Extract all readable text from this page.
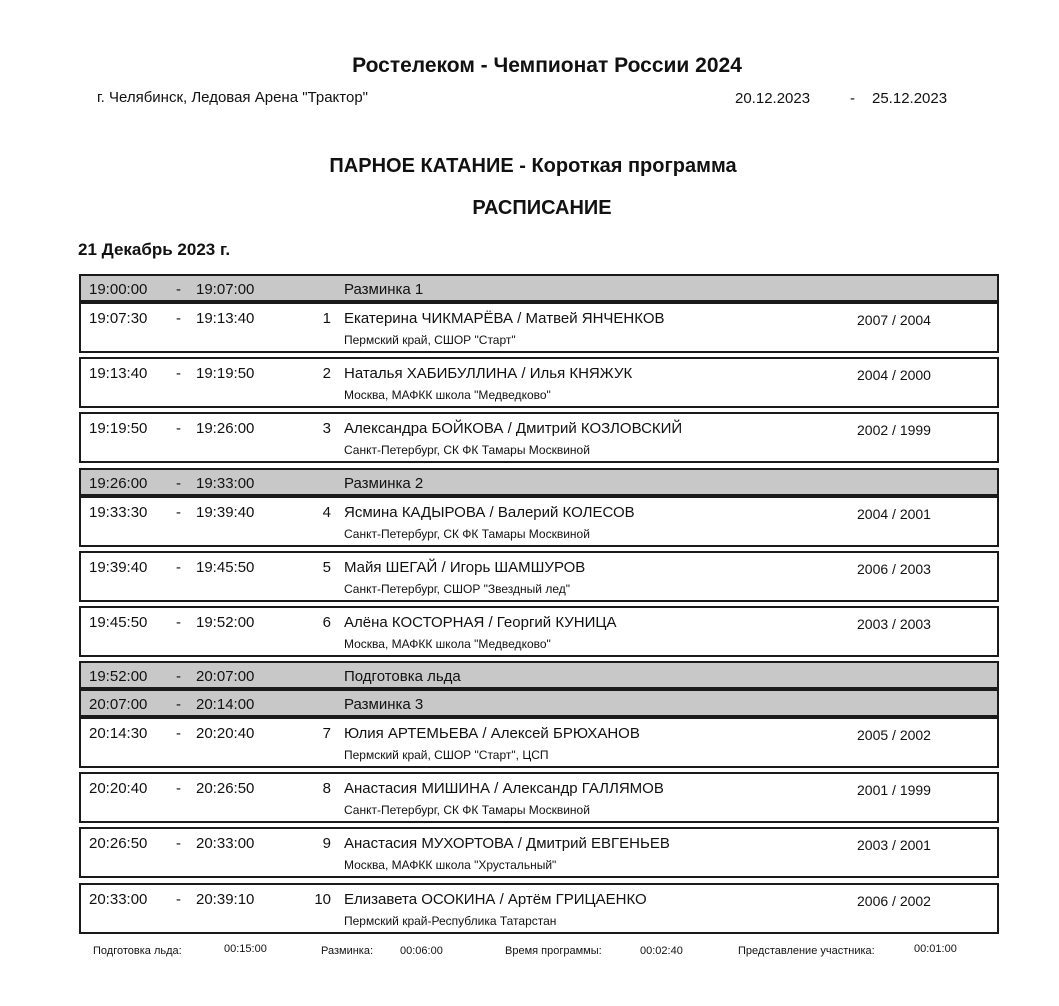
Ростелеком - Чемпионат России 2024
г. Челябинск, Ледовая Арена "Трактор"	20.12.2023	- 25.12.2023
ПАРНОЕ КАТАНИЕ - Короткая программа
РАСПИСАНИЕ
21 Декабрь 2023 г.
19:00:00 - 19:07:00	Разминка 1
19:07:30 - 19:13:40	1 Екатерина ЧИКМАРЁВА / Матвей ЯНЧЕНКОВ
Пермский край, СШОР "Старт"
2007 / 2004
19:13:40 - 19:19:50	2 Наталья ХАБИБУЛЛИНА / Илья КНЯЖУК
Москва, МАФКК школа "Медведково"
2004 / 2000
19:19:50 - 19:26:00	3 Александра БОЙКОВА / Дмитрий КОЗЛОВСКИЙ
Санкт-Петербург, СК ФК Тамары Москвиной
2002 / 1999
19:26:00 - 19:33:00	Разминка 2
19:33:30 - 19:39:40	4 Ясмина КАДЫРОВА / Валерий КОЛЕСОВ
Санкт-Петербург, СК ФК Тамары Москвиной
2004 / 2001
19:39:40 - 19:45:50	5 Майя ШЕГАЙ / Игорь ШАМШУРОВ
Санкт-Петербург, СШОР "Звездный лед"
2006 / 2003
19:45:50 - 19:52:00	6 Алёна КОСТОРНАЯ / Георгий КУНИЦА
Москва, МАФКК школа "Медведково"
2003 / 2003
19:52:00 - 20:07:00	Подготовка льда
20:07:00 - 20:14:00	Разминка 3
20:14:30 - 20:20:40	7 Юлия АРТЕМЬЕВА / Алексей БРЮХАНОВ
Пермский край, СШОР "Старт", ЦСП
2005 / 2002
20:20:40 - 20:26:50	8 Анастасия МИШИНА / Александр ГАЛЛЯМОВ
Санкт-Петербург, СК ФК Тамары Москвиной
2001 / 1999
20:26:50 - 20:33:00	9 Анастасия МУХОРТОВА / Дмитрий ЕВГЕНЬЕВ
Москва, МАФКК школа "Хрустальный"
2003 / 2001
20:33:00 - 20:39:10	10 Елизавета ОСОКИНА / Артём ГРИЦАЕНКО
Пермский край-Республика Татарстан
2006 / 2002
Подготовка льда:	00:15:00	Разминка: 00:06:00	Время программы:	00:02:40	Представление участника:	00:01:00
